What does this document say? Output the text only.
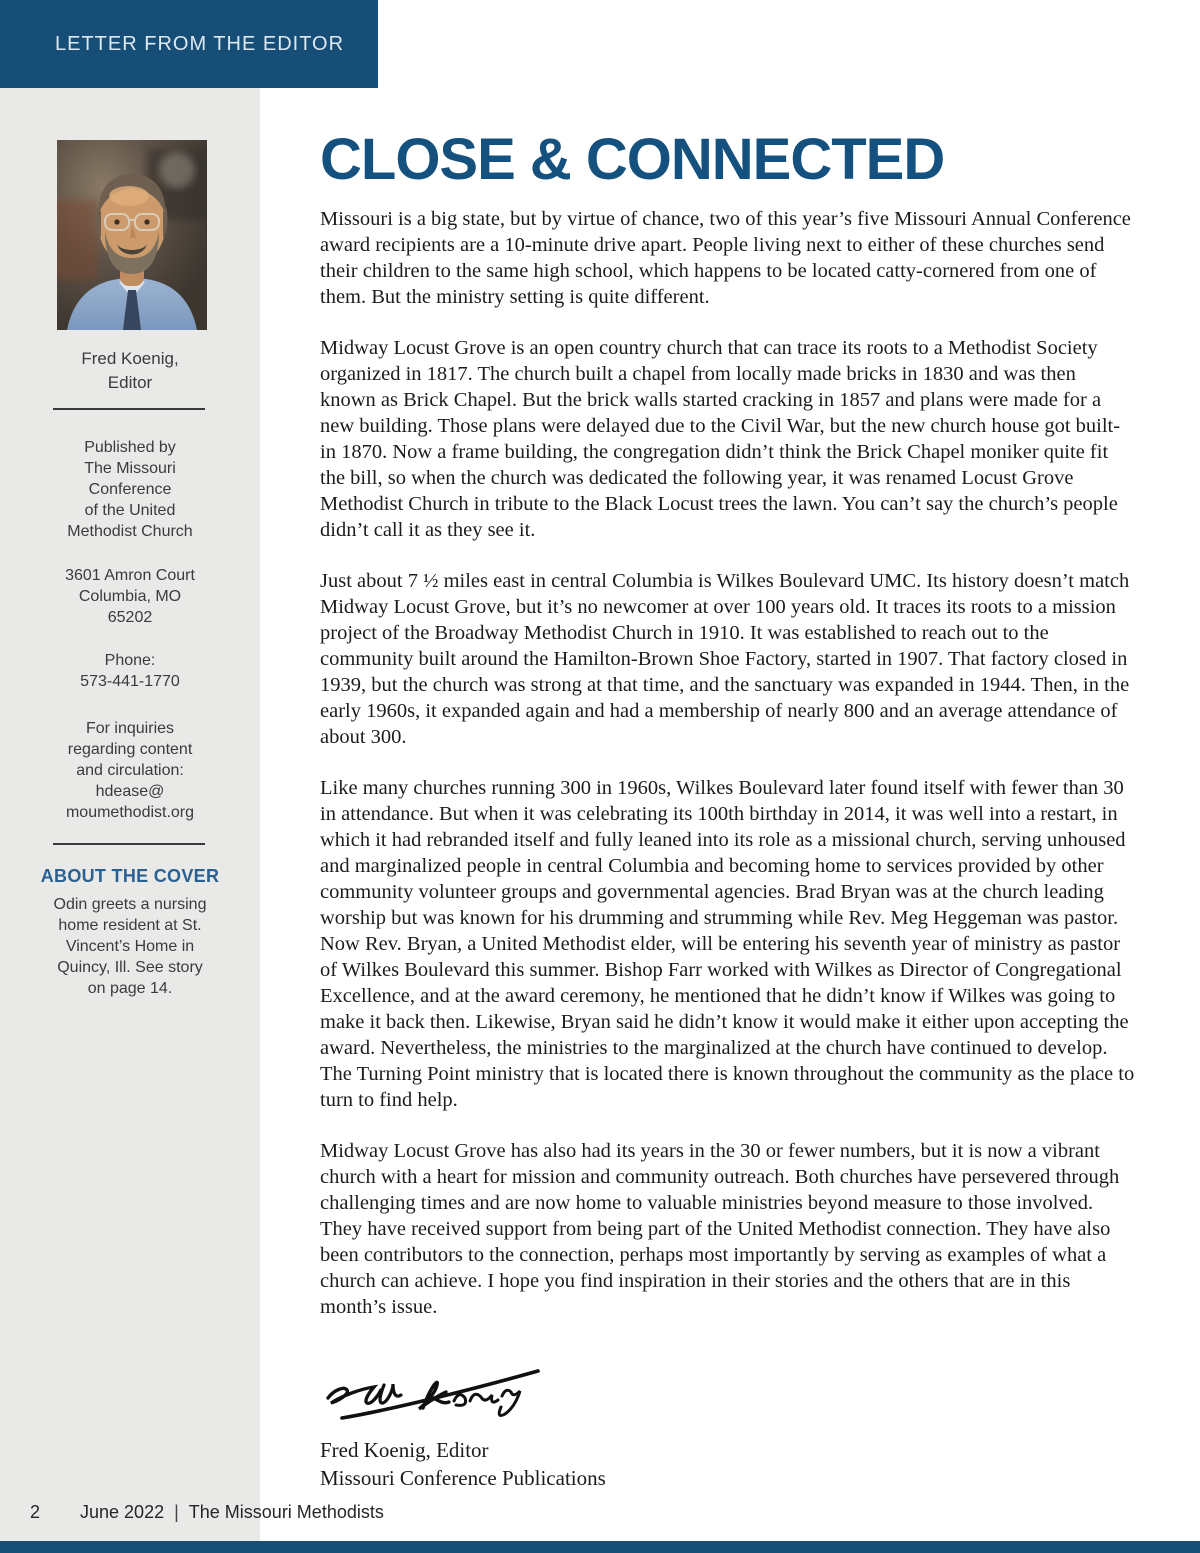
LETTER FROM THE EDITOR
Fred Koenig,
Editor
Published by
The Missouri
Conference
of the United
Methodist Church
3601 Amron Court
Columbia, MO
65202
Phone:
573-441-1770
For inquiries
regarding content
and circulation:
hdease@
moumethodist.org
ABOUT THE COVER
Odin greets a nursing
home resident at St.
Vincent’s Home in
Quincy, Ill. See story
on page 14.
CLOSE & CONNECTED

Missouri is a big state, but by virtue of chance, two of this year’s five Missouri Annual Conference award recipients are a 10-minute drive apart. People living next to either of these churches send their children to the same high school, which happens to be located catty-cornered from one of them. But the ministry setting is quite different.

Midway Locust Grove is an open country church that can trace its roots to a Methodist Society organized in 1817. The church built a chapel from locally made bricks in 1830 and was then known as Brick Chapel. But the brick walls started cracking in 1857 and plans were made for a new building. Those plans were delayed due to the Civil War, but the new church house got built-in 1870. Now a frame building, the congregation didn’t think the Brick Chapel moniker quite fit the bill, so when the church was dedicated the following year, it was renamed Locust Grove Methodist Church in tribute to the Black Locust trees the lawn. You can’t say the church’s people didn’t call it as they see it.

Just about 7 ½ miles east in central Columbia is Wilkes Boulevard UMC. Its history doesn’t match Midway Locust Grove, but it’s no newcomer at over 100 years old. It traces its roots to a mission project of the Broadway Methodist Church in 1910. It was established to reach out to the community built around the Hamilton-Brown Shoe Factory, started in 1907. That factory closed in 1939, but the church was strong at that time, and the sanctuary was expanded in 1944. Then, in the early 1960s, it expanded again and had a membership of nearly 800 and an average attendance of about 300.

Like many churches running 300 in 1960s, Wilkes Boulevard later found itself with fewer than 30 in attendance. But when it was celebrating its 100th birthday in 2014, it was well into a restart, in which it had rebranded itself and fully leaned into its role as a missional church, serving unhoused and marginalized people in central Columbia and becoming home to services provided by other community volunteer groups and governmental agencies. Brad Bryan was at the church leading worship but was known for his drumming and strumming while Rev. Meg Heggeman was pastor. Now Rev. Bryan, a United Methodist elder, will be entering his seventh year of ministry as pastor of Wilkes Boulevard this summer. Bishop Farr worked with Wilkes as Director of Congregational Excellence, and at the award ceremony, he mentioned that he didn’t know if Wilkes was going to make it back then. Likewise, Bryan said he didn’t know it would make it either upon accepting the award. Nevertheless, the ministries to the marginalized at the church have continued to develop. The Turning Point ministry that is located there is known throughout the community as the place to turn to find help.

Midway Locust Grove has also had its years in the 30 or fewer numbers, but it is now a vibrant church with a heart for mission and community outreach. Both churches have persevered through challenging times and are now home to valuable ministries beyond measure to those involved. They have received support from being part of the United Methodist connection. They have also been contributors to the connection, perhaps most importantly by serving as examples of what a church can achieve. I hope you find inspiration in their stories and the others that are in this month’s issue.

Fred Koenig, Editor
Missouri Conference Publications
2 June 2022 | The Missouri Methodists
